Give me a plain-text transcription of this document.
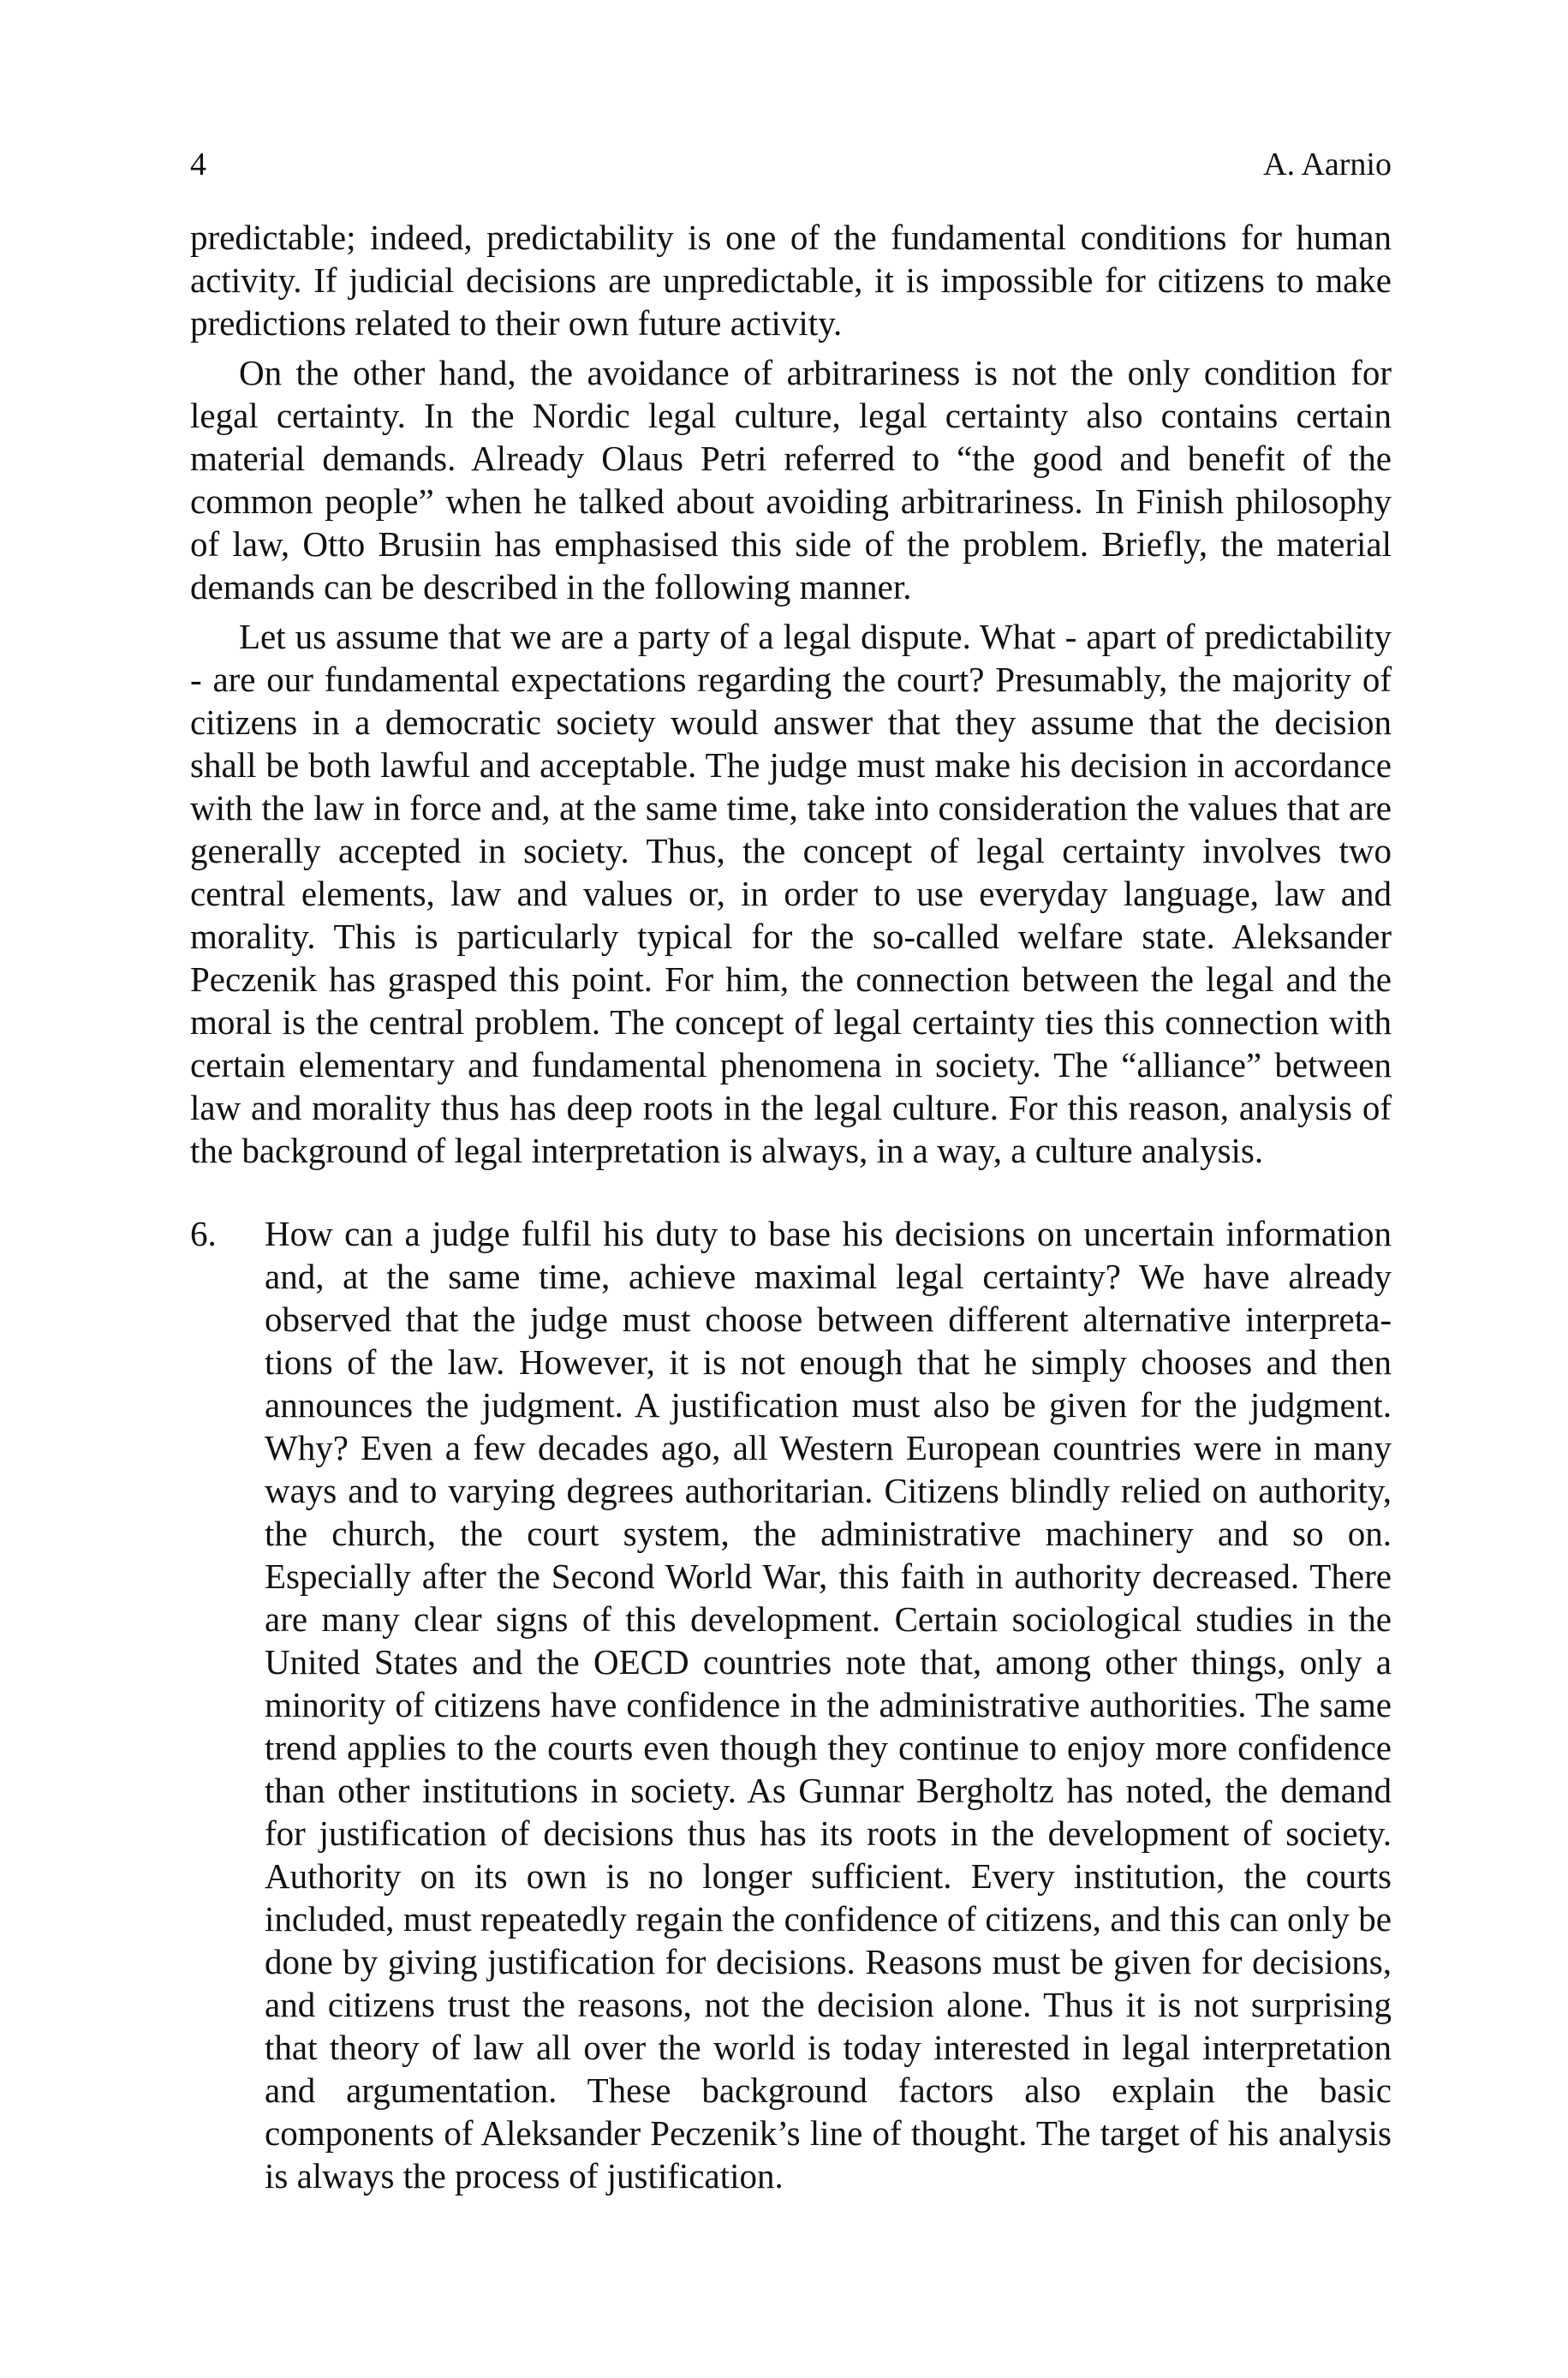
4	A. Aarnio

predictable; indeed, predictability is one of the fundamental conditions for human activity. If judicial decisions are unpredictable, it is impossible for citizens to make predictions related to their own future activity.

On the other hand, the avoidance of arbitrariness is not the only condition for legal certainty. In the Nordic legal culture, legal certainty also contains certain material demands. Already Olaus Petri referred to “the good and benefit of the common people” when he talked about avoiding arbitrariness. In Finish philosophy of law, Otto Brusiin has emphasised this side of the problem. Briefly, the material demands can be described in the following manner.

Let us assume that we are a party of a legal dispute. What - apart of predictability - are our fundamental expectations regarding the court? Presumably, the majority of citizens in a democratic society would answer that they assume that the decision shall be both lawful and acceptable. The judge must make his decision in accordance with the law in force and, at the same time, take into consideration the values that are generally accepted in society. Thus, the concept of legal certainty involves two central elements, law and values or, in order to use everyday language, law and morality. This is particularly typical for the so-called welfare state. Aleksander Peczenik has grasped this point. For him, the connection between the legal and the moral is the central problem. The concept of legal certainty ties this connection with certain elementary and fundamental phenomena in society. The “alliance” between law and morality thus has deep roots in the legal culture. For this reason, analysis of the background of legal interpretation is always, in a way, a culture analysis.

6.	How can a judge fulfil his duty to base his decisions on uncertain information and, at the same time, achieve maximal legal certainty? We have already observed that the judge must choose between different alternative interpretations of the law. However, it is not enough that he simply chooses and then announces the judgment. A justification must also be given for the judgment. Why? Even a few decades ago, all Western European countries were in many ways and to varying degrees authoritarian. Citizens blindly relied on authority, the church, the court system, the administrative machinery and so on. Especially after the Second World War, this faith in authority decreased. There are many clear signs of this development. Certain sociological studies in the United States and the OECD countries note that, among other things, only a minority of citizens have confidence in the administrative authorities. The same trend applies to the courts even though they continue to enjoy more confidence than other institutions in society. As Gunnar Bergholtz has noted, the demand for justification of decisions thus has its roots in the development of society. Authority on its own is no longer sufficient. Every institution, the courts included, must repeatedly regain the confidence of citizens, and this can only be done by giving justification for decisions. Reasons must be given for decisions, and citizens trust the reasons, not the decision alone. Thus it is not surprising that theory of law all over the world is today interested in legal interpretation and argumentation. These background factors also explain the basic components of Aleksander Peczenik’s line of thought. The target of his analysis is always the process of justification.
